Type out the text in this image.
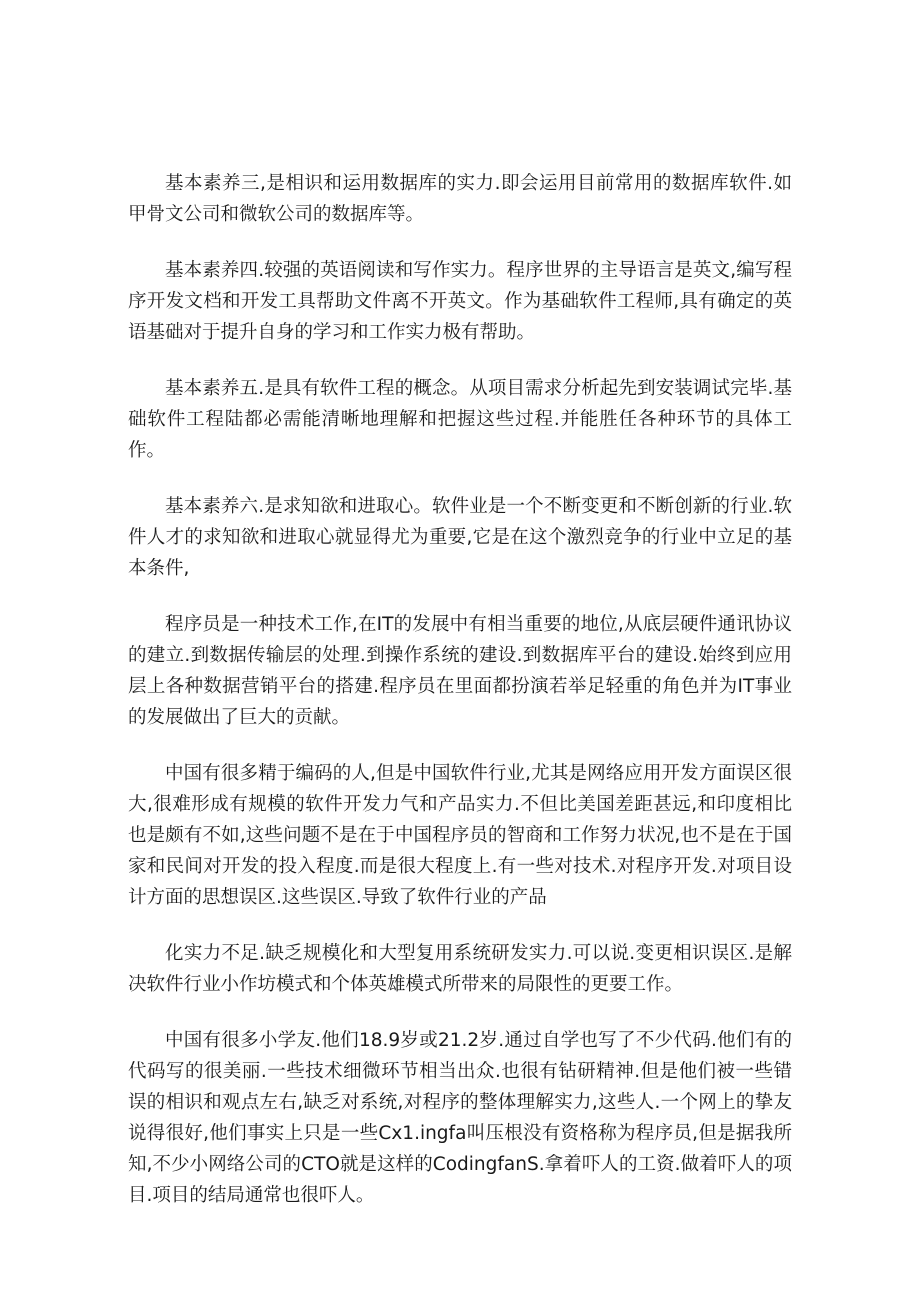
基本素养三,是相识和运用数据库的实力.即会运用目前常用的数据库软件.如甲骨文公司和微软公司的数据库等。

基本素养四.较强的英语阅读和写作实力。程序世界的主导语言是英文,编写程序开发文档和开发工具帮助文件离不开英文。作为基础软件工程师,具有确定的英语基础对于提升自身的学习和工作实力极有帮助。

基本素养五.是具有软件工程的概念。从项目需求分析起先到安装调试完毕.基础软件工程陆都必需能清晰地理解和把握这些过程.并能胜任各种环节的具体工作。

基本素养六.是求知欲和进取心。软件业是一个不断变更和不断创新的行业.软件人才的求知欲和进取心就显得尤为重要,它是在这个激烈竞争的行业中立足的基本条件,

程序员是一种技术工作,在IT的发展中有相当重要的地位,从底层硬件通讯协议的建立.到数据传输层的处理.到操作系统的建设.到数据库平台的建设.始终到应用层上各种数据营销平台的搭建.程序员在里面都扮演若举足轻重的角色并为IT事业的发展做出了巨大的贡献。

中国有很多精于编码的人,但是中国软件行业,尤其是网络应用开发方面误区很大,很难形成有规模的软件开发力气和产品实力.不但比美国差距甚远,和印度相比也是颇有不如,这些问题不是在于中国程序员的智商和工作努力状况,也不是在于国家和民间对开发的投入程度.而是很大程度上.有一些对技术.对程序开发.对项目设计方面的思想误区.这些误区.导致了软件行业的产品

化实力不足.缺乏规模化和大型复用系统研发实力.可以说.变更相识误区.是解决软件行业小作坊模式和个体英雄模式所带来的局限性的更要工作。

中国有很多小学友.他们18.9岁或21.2岁.通过自学也写了不少代码.他们有的代码写的很美丽.一些技术细微环节相当出众.也很有钻研精神.但是他们被一些错误的相识和观点左右,缺乏对系统,对程序的整体理解实力,这些人.一个网上的挚友说得很好,他们事实上只是一些Cx1.ingfa叫压根没有资格称为程序员,但是据我所知,不少小网络公司的CTO就是这样的CodingfanS.拿着吓人的工资.做着吓人的项目.项目的结局通常也很吓人。
